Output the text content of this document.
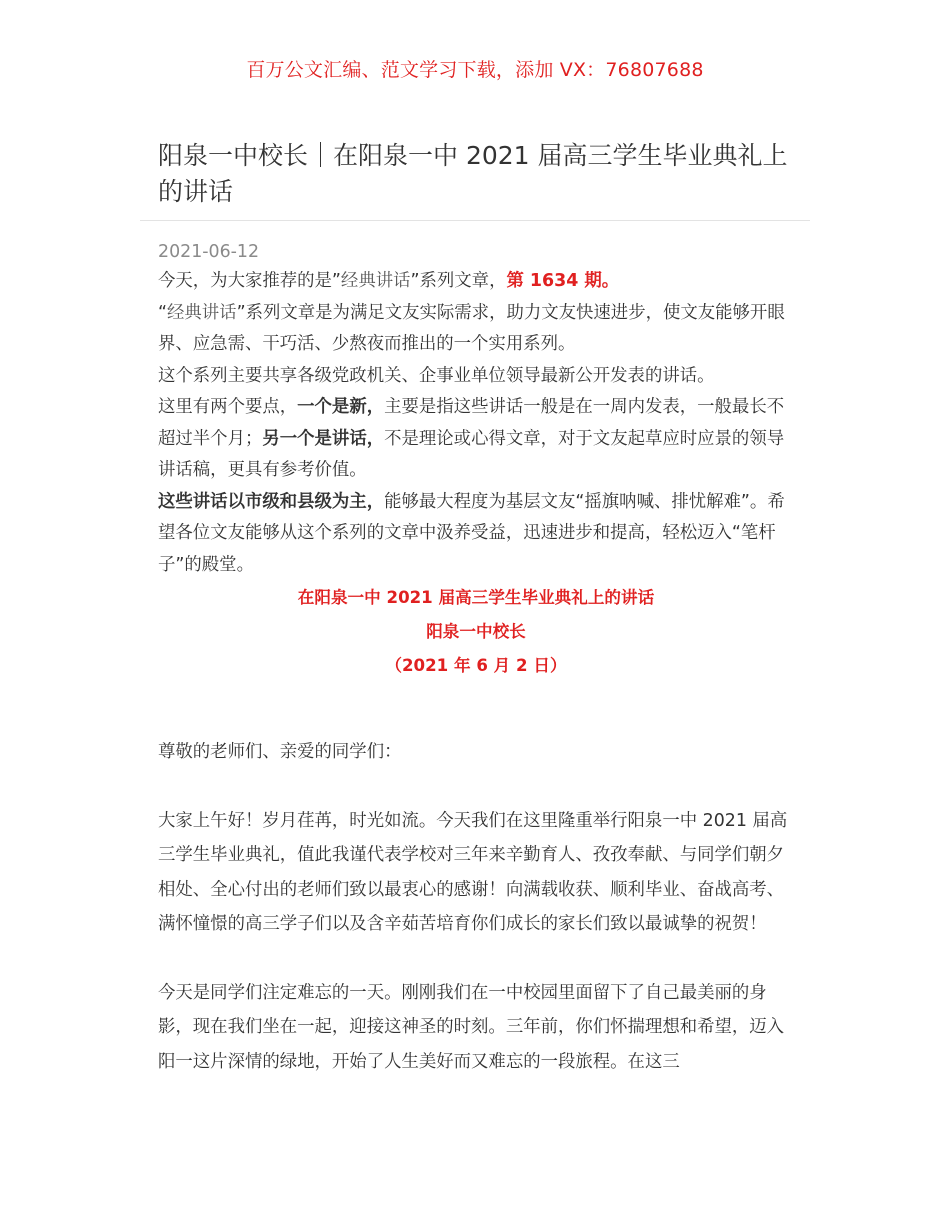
百万公文汇编、范文学习下载，添加 VX：76807688
阳泉一中校长｜在阳泉一中 2021 届高三学生毕业典礼上的讲话
2021-06-12

今天，为大家推荐的是”经典讲话”系列文章，第 1634 期。

“经典讲话”系列文章是为满足文友实际需求，助力文友快速进步，使文友能够开眼界、应急需、干巧活、少熬夜而推出的一个实用系列。

这个系列主要共享各级党政机关、企事业单位领导最新公开发表的讲话。

这里有两个要点，一个是新，主要是指这些讲话一般是在一周内发表，一般最长不超过半个月；另一个是讲话，不是理论或心得文章，对于文友起草应时应景的领导讲话稿，更具有参考价值。

这些讲话以市级和县级为主，能够最大程度为基层文友“摇旗呐喊、排忧解难”。希望各位文友能够从这个系列的文章中汲养受益，迅速进步和提高，轻松迈入“笔杆子”的殿堂。

在阳泉一中 2021 届高三学生毕业典礼上的讲话
阳泉一中校长
（2021 年 6 月 2 日）

尊敬的老师们、亲爱的同学们：

大家上午好！岁月荏苒，时光如流。今天我们在这里隆重举行阳泉一中 2021 届高三学生毕业典礼，值此我谨代表学校对三年来辛勤育人、孜孜奉献、与同学们朝夕相处、全心付出的老师们致以最衷心的感谢！向满载收获、顺利毕业、奋战高考、满怀憧憬的高三学子们以及含辛茹苦培育你们成长的家长们致以最诚挚的祝贺！

今天是同学们注定难忘的一天。刚刚我们在一中校园里面留下了自己最美丽的身影，现在我们坐在一起，迎接这神圣的时刻。三年前，你们怀揣理想和希望，迈入阳一这片深情的绿地，开始了人生美好而又难忘的一段旅程。在这三
